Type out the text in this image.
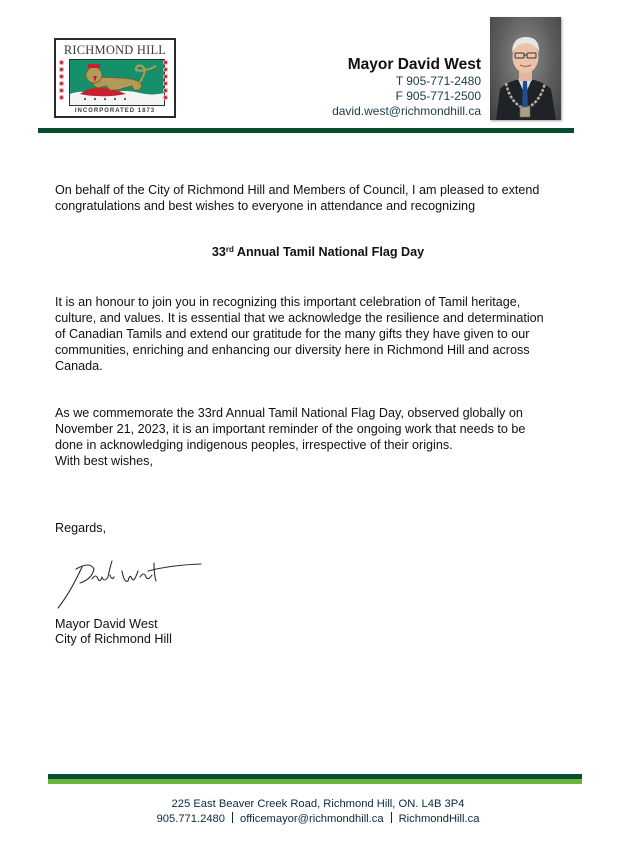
RICHMOND HILL
INCORPORATED 1873
Mayor David West
T 905-771-2480
F 905-771-2500
david.west@richmondhill.ca
On behalf of the City of Richmond Hill and Members of Council, I am pleased to extend congratulations and best wishes to everyone in attendance and recognizing
33rd Annual Tamil National Flag Day
It is an honour to join you in recognizing this important celebration of Tamil heritage, culture, and values. It is essential that we acknowledge the resilience and determination of Canadian Tamils and extend our gratitude for the many gifts they have given to our communities, enriching and enhancing our diversity here in Richmond Hill and across Canada.
As we commemorate the 33rd Annual Tamil National Flag Day, observed globally on November 21, 2023, it is an important reminder of the ongoing work that needs to be done in acknowledging indigenous peoples, irrespective of their origins.
With best wishes,
Regards,
Mayor David West
City of Richmond Hill
225 East Beaver Creek Road, Richmond Hill, ON. L4B 3P4
905.771.2480 officemayor@richmondhill.ca RichmondHill.ca
